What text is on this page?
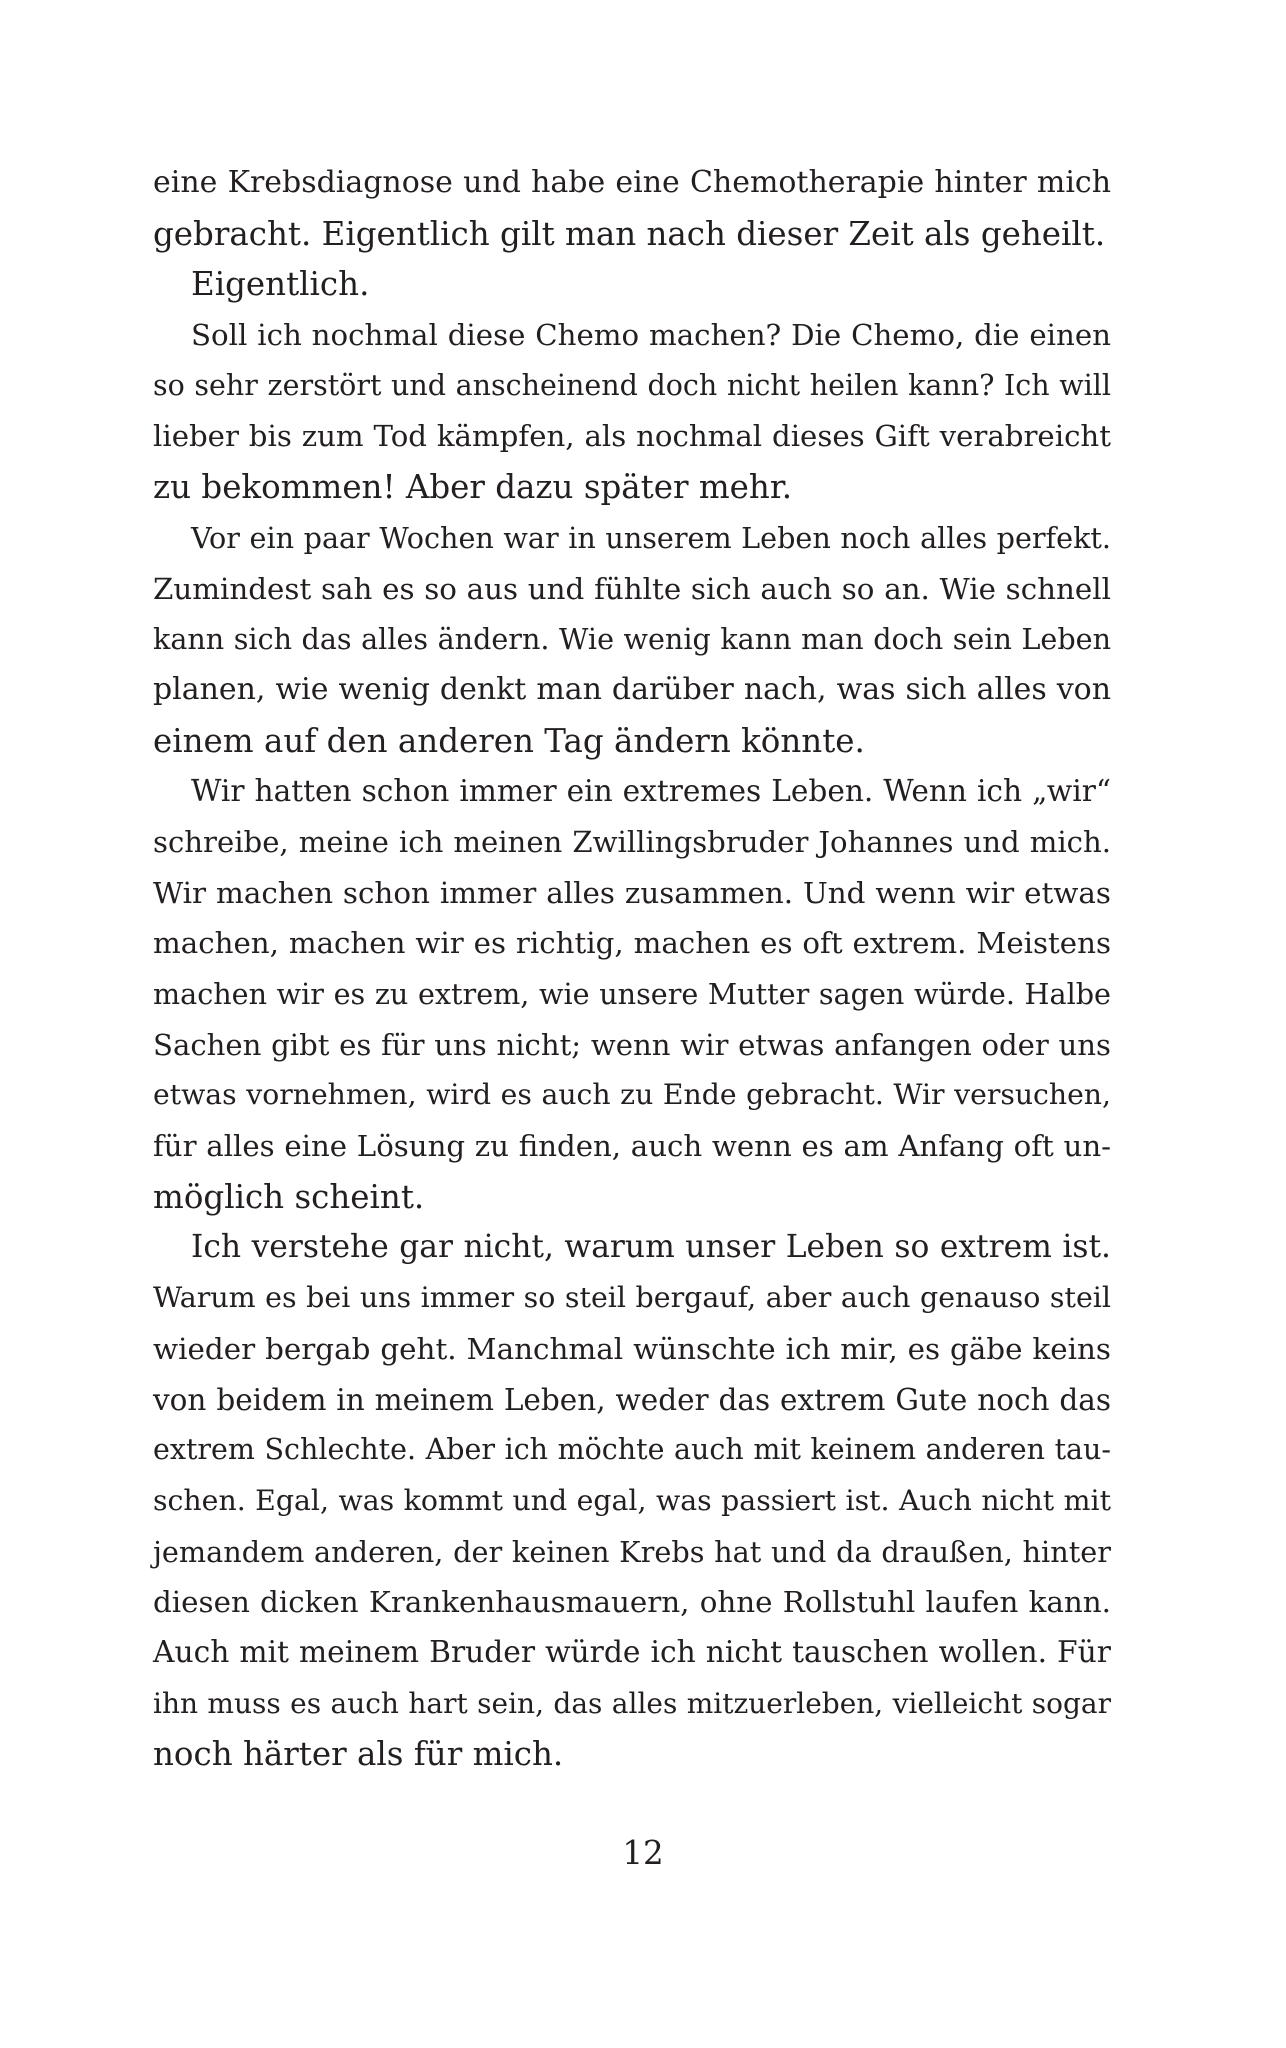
eine Krebsdiagnose und habe eine Chemotherapie hinter mich
gebracht. Eigentlich gilt man nach dieser Zeit als geheilt.
Eigentlich.
Soll ich nochmal diese Chemo machen? Die Chemo, die einen
so sehr zerstört und anscheinend doch nicht heilen kann? Ich will
lieber bis zum Tod kämpfen, als nochmal dieses Gift verabreicht
zu bekommen! Aber dazu später mehr.
Vor ein paar Wochen war in unserem Leben noch alles perfekt.
Zumindest sah es so aus und fühlte sich auch so an. Wie schnell
kann sich das alles ändern. Wie wenig kann man doch sein Leben
planen, wie wenig denkt man darüber nach, was sich alles von
einem auf den anderen Tag ändern könnte.
Wir hatten schon immer ein extremes Leben. Wenn ich „wir“
schreibe, meine ich meinen Zwillingsbruder Johannes und mich.
Wir machen schon immer alles zusammen. Und wenn wir etwas
machen, machen wir es richtig, machen es oft extrem. Meistens
machen wir es zu extrem, wie unsere Mutter sagen würde. Halbe
Sachen gibt es für uns nicht; wenn wir etwas anfangen oder uns
etwas vornehmen, wird es auch zu Ende gebracht. Wir versuchen,
für alles eine Lösung zu finden, auch wenn es am Anfang oft un-
möglich scheint.
Ich verstehe gar nicht, warum unser Leben so extrem ist.
Warum es bei uns immer so steil bergauf, aber auch genauso steil
wieder bergab geht. Manchmal wünschte ich mir, es gäbe keins
von beidem in meinem Leben, weder das extrem Gute noch das
extrem Schlechte. Aber ich möchte auch mit keinem anderen tau-
schen. Egal, was kommt und egal, was passiert ist. Auch nicht mit
jemandem anderen, der keinen Krebs hat und da draußen, hinter
diesen dicken Krankenhausmauern, ohne Rollstuhl laufen kann.
Auch mit meinem Bruder würde ich nicht tauschen wollen. Für
ihn muss es auch hart sein, das alles mitzuerleben, vielleicht sogar
noch härter als für mich.
12
